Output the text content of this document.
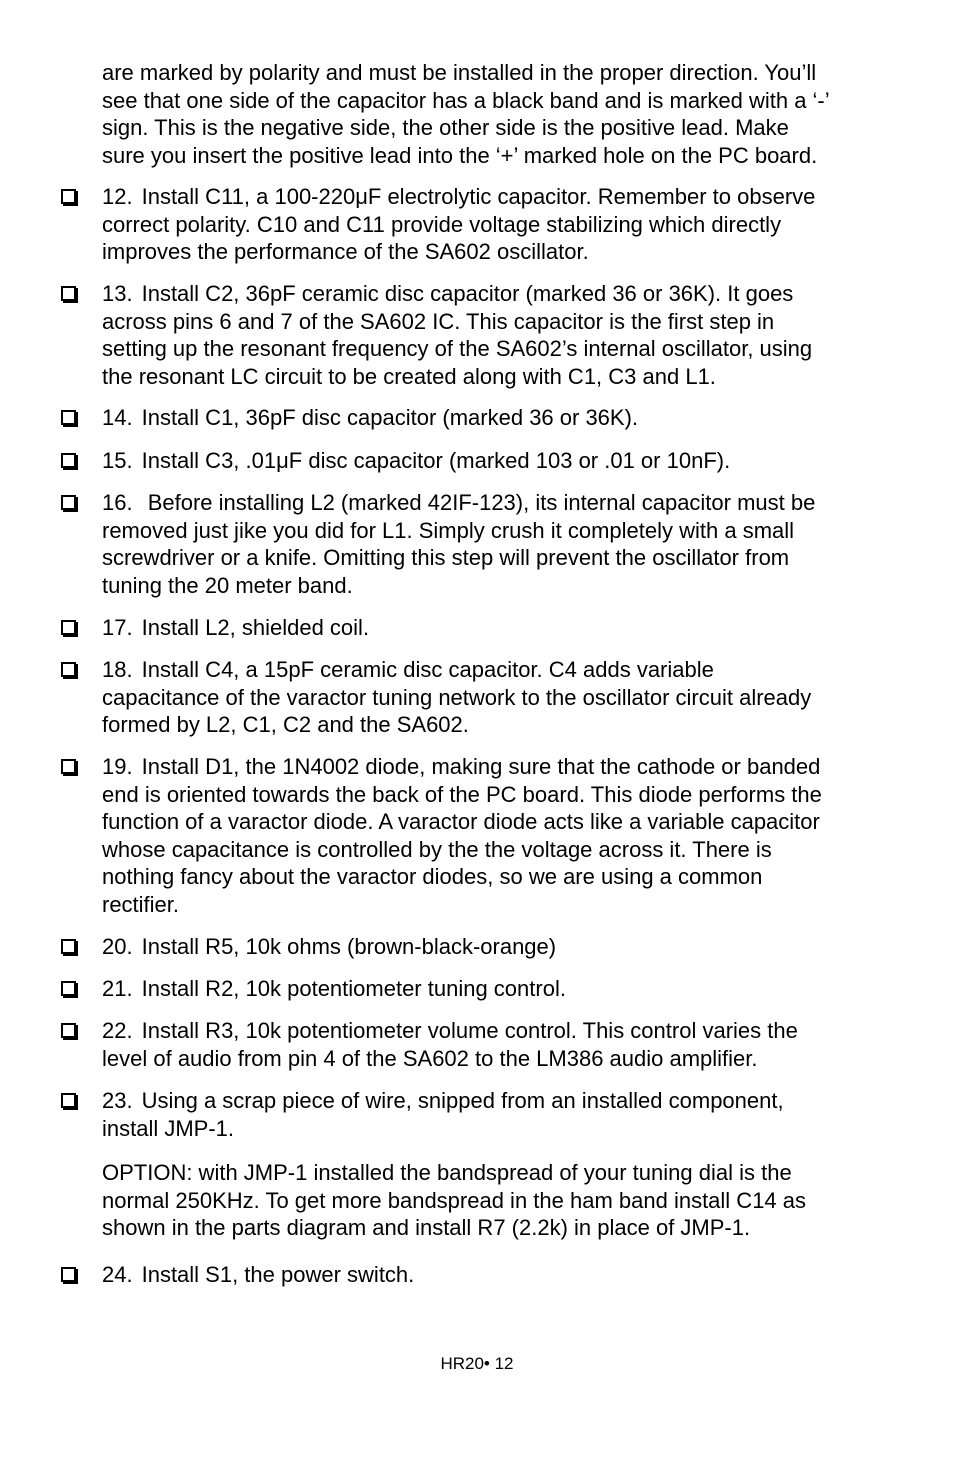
are marked by polarity and must be installed in the proper direction. You’ll
see that one side of the capacitor has a black band and is marked with a ‘-’
sign. This is the negative side, the other side is the positive lead. Make
sure you insert the positive lead into the ‘+’ marked hole on the PC board.
12. Install C11, a 100-220μF electrolytic capacitor. Remember to observe
correct polarity. C10 and C11 provide voltage stabilizing which directly
improves the performance of the SA602 oscillator.
13. Install C2, 36pF ceramic disc capacitor (marked 36 or 36K). It goes
across pins 6 and 7 of the SA602 IC. This capacitor is the first step in
setting up the resonant frequency of the SA602’s internal oscillator, using
the resonant LC circuit to be created along with C1, C3 and L1.
14. Install C1, 36pF disc capacitor (marked 36 or 36K).
15. Install C3, .01μF disc capacitor (marked 103 or .01 or 10nF).
16. Before installing L2 (marked 42IF-123), its internal capacitor must be
removed just jike you did for L1. Simply crush it completely with a small
screwdriver or a knife. Omitting this step will prevent the oscillator from
tuning the 20 meter band.
17. Install L2, shielded coil.
18. Install C4, a 15pF ceramic disc capacitor. C4 adds variable
capacitance of the varactor tuning network to the oscillator circuit already
formed by L2, C1, C2 and the SA602.
19. Install D1, the 1N4002 diode, making sure that the cathode or banded
end is oriented towards the back of the PC board. This diode performs the
function of a varactor diode. A varactor diode acts like a variable capacitor
whose capacitance is controlled by the the voltage across it. There is
nothing fancy about the varactor diodes, so we are using a common
rectifier.
20. Install R5, 10k ohms (brown-black-orange)
21. Install R2, 10k potentiometer tuning control.
22. Install R3, 10k potentiometer volume control. This control varies the
level of audio from pin 4 of the SA602 to the LM386 audio amplifier.
23. Using a scrap piece of wire, snipped from an installed component,
install JMP-1.
OPTION: with JMP-1 installed the bandspread of your tuning dial is the
normal 250KHz. To get more bandspread in the ham band install C14 as
shown in the parts diagram and install R7 (2.2k) in place of JMP-1.
24. Install S1, the power switch.
HR20• 12
